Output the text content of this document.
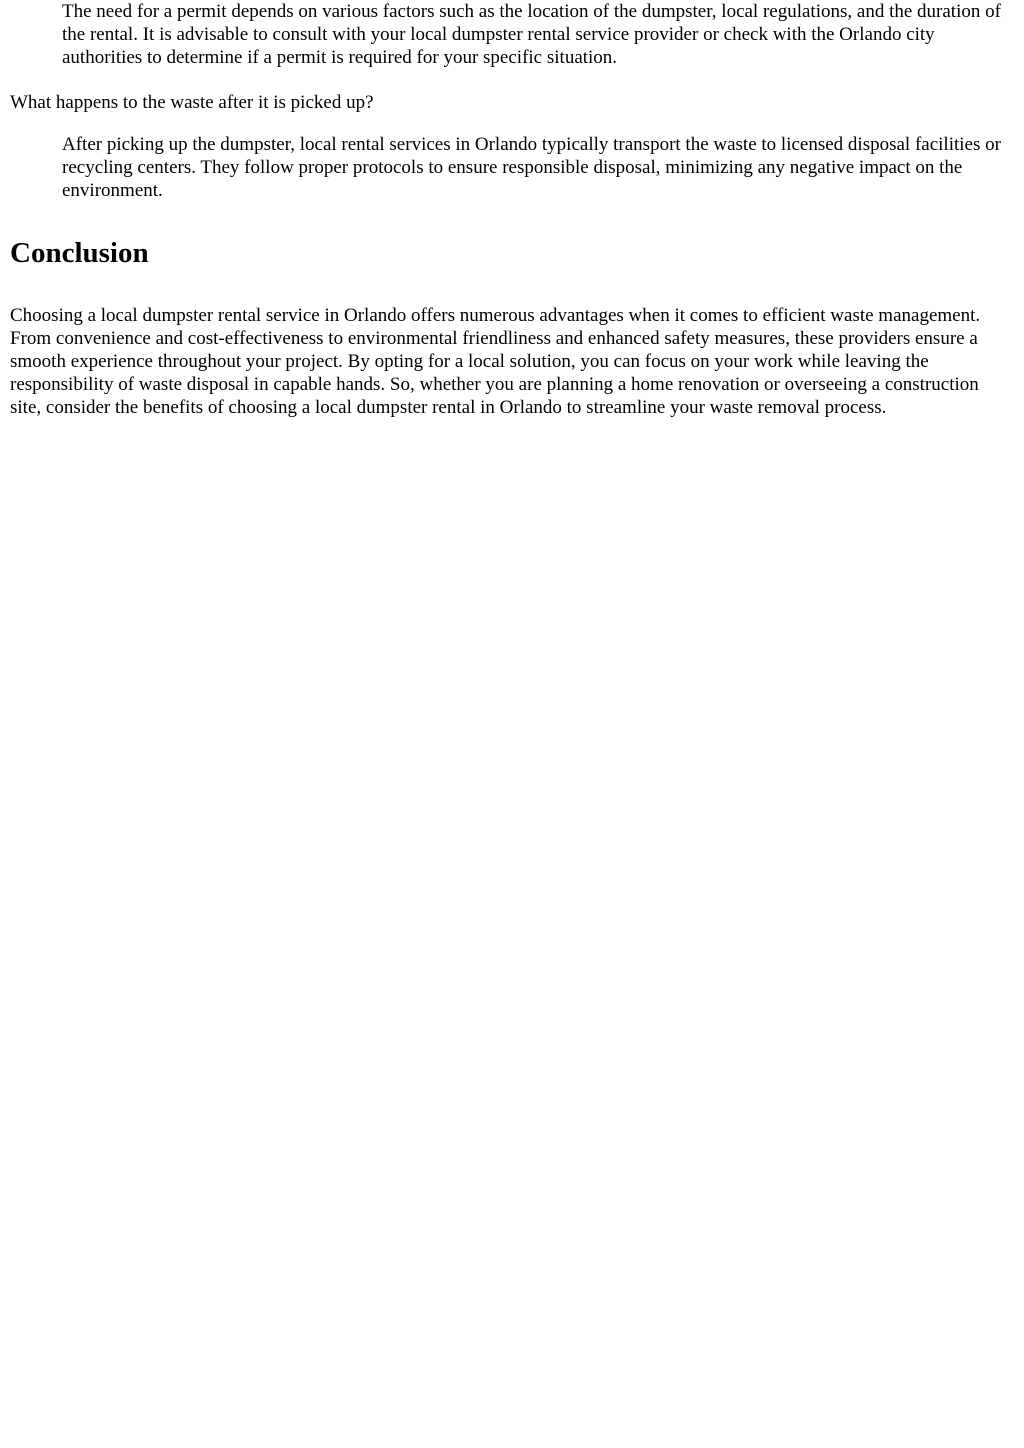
The need for a permit depends on various factors such as the location of the dumpster, local regulations, and the duration of the rental. It is advisable to consult with your local dumpster rental service provider or check with the Orlando city authorities to determine if a permit is required for your specific situation.
What happens to the waste after it is picked up?
After picking up the dumpster, local rental services in Orlando typically transport the waste to licensed disposal facilities or recycling centers. They follow proper protocols to ensure responsible disposal, minimizing any negative impact on the environment.
Conclusion

Choosing a local dumpster rental service in Orlando offers numerous advantages when it comes to efficient waste management. From convenience and cost-effectiveness to environmental friendliness and enhanced safety measures, these providers ensure a smooth experience throughout your project. By opting for a local solution, you can focus on your work while leaving the responsibility of waste disposal in capable hands. So, whether you are planning a home renovation or overseeing a construction site, consider the benefits of choosing a local dumpster rental in Orlando to streamline your waste removal process.
